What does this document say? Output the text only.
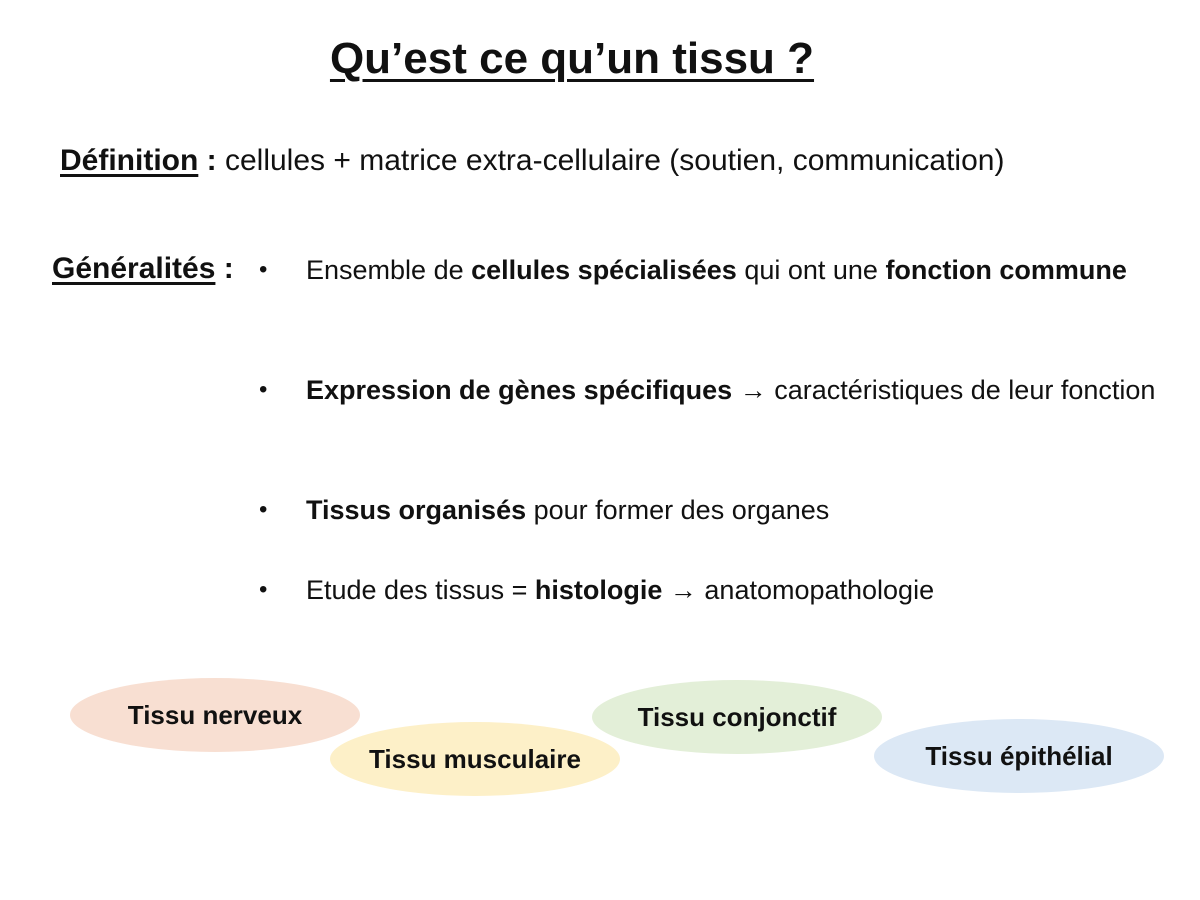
Qu’est ce qu’un tissu ?
Définition : cellules + matrice extra-cellulaire (soutien, communication)
Généralités : • Ensemble de cellules spécialisées qui ont une fonction commune
• Expression de gènes spécifiques → caractéristiques de leur fonction
• Tissus organisés pour former des organes
• Etude des tissus = histologie → anatomopathologie
Tissu nerveux
Tissu musculaire
Tissu conjonctif
Tissu épithélial
